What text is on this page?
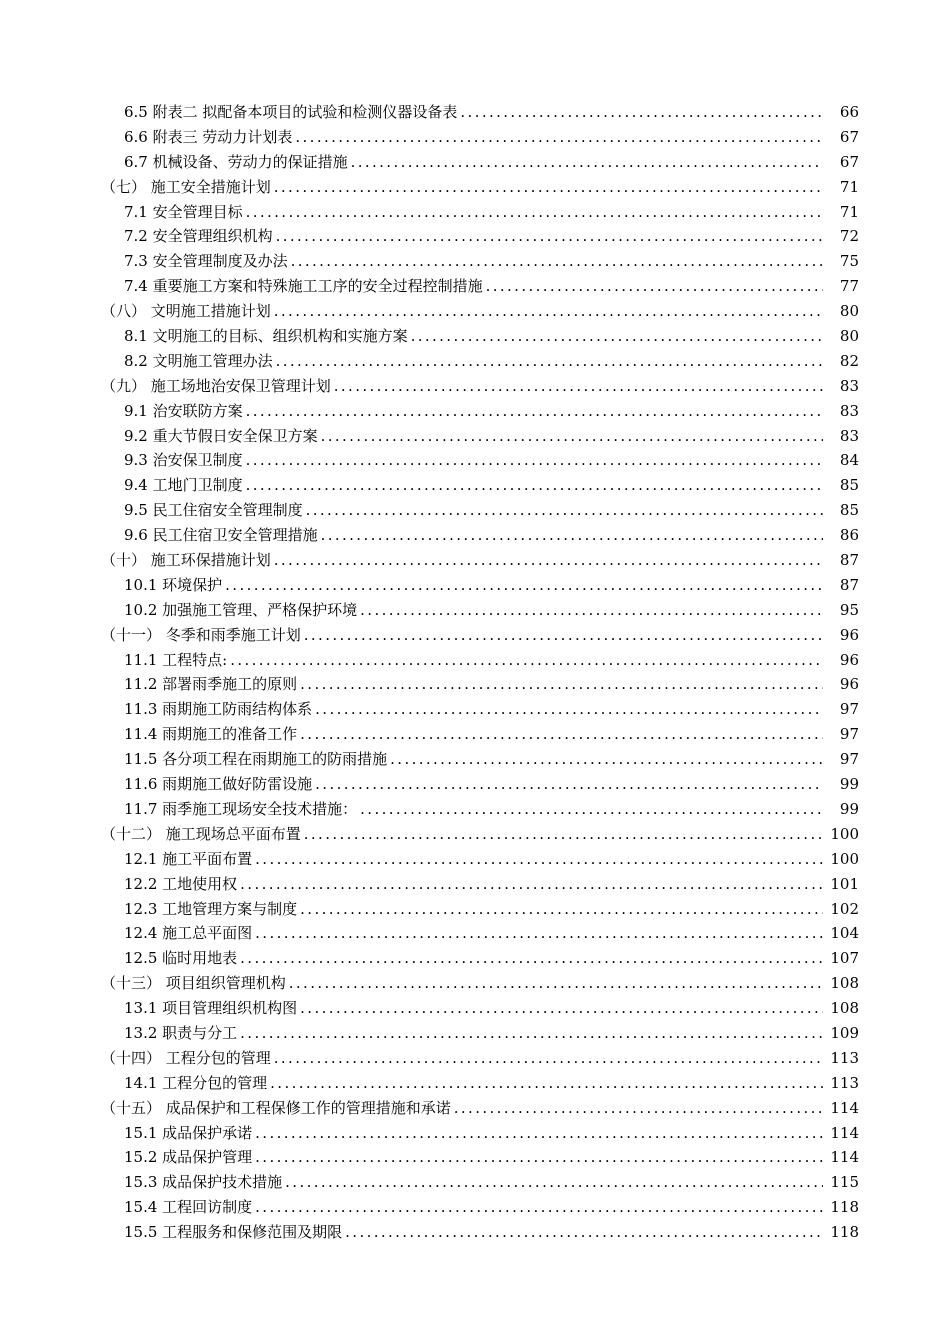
6.5 附表二 拟配备本项目的试验和检测仪器设备表 . . .	66
6.6 附表三 劳动力计划表 . . .	67
6.7 机械设备、劳动力的保证措施 . . .	67
（七） 施工安全措施计划 . . .	71
7.1 安全管理目标 . . .	71
7.2 安全管理组织机构 . . .	72
7.3 安全管理制度及办法 . . .	75
7.4 重要施工方案和特殊施工工序的安全过程控制措施 . . .	77
（八） 文明施工措施计划 . . .	80
8.1 文明施工的目标、组织机构和实施方案 . . .	80
8.2 文明施工管理办法 . . .	82
（九） 施工场地治安保卫管理计划 . . .	83
9.1 治安联防方案 . . .	83
9.2 重大节假日安全保卫方案 . . .	83
9.3 治安保卫制度 . . .	84
9.4 工地门卫制度 . . .	85
9.5 民工住宿安全管理制度 . . .	85
9.6 民工住宿卫安全管理措施 . . .	86
（十） 施工环保措施计划 . . .	87
10.1 环境保护 . . .	87
10.2 加强施工管理、严格保护环境 . . .	95
（十一） 冬季和雨季施工计划 . . .	96
11.1 工程特点: . . .	96
11.2 部署雨季施工的原则 . . .	96
11.3 雨期施工防雨结构体系 . . .	97
11.4 雨期施工的准备工作 . . .	97
11.5 各分项工程在雨期施工的防雨措施 . . .	97
11.6 雨期施工做好防雷设施 . . .	99
11.7 雨季施工现场安全技术措施： . . .	99
（十二） 施工现场总平面布置 . . .	100
12.1 施工平面布置 . . .	100
12.2 工地使用权 . . .	101
12.3 工地管理方案与制度 . . .	102
12.4 施工总平面图 . . .	104
12.5 临时用地表 . . .	107
（十三） 项目组织管理机构 . . .	108
13.1 项目管理组织机构图 . . .	108
13.2 职责与分工 . . .	109
（十四） 工程分包的管理 . . .	113
14.1 工程分包的管理 . . .	113
（十五） 成品保护和工程保修工作的管理措施和承诺 . . .	114
15.1 成品保护承诺 . . .	114
15.2 成品保护管理 . . .	114
15.3 成品保护技术措施 . . .	115
15.4 工程回访制度 . . .	118
15.5 工程服务和保修范围及期限 . . .	118
